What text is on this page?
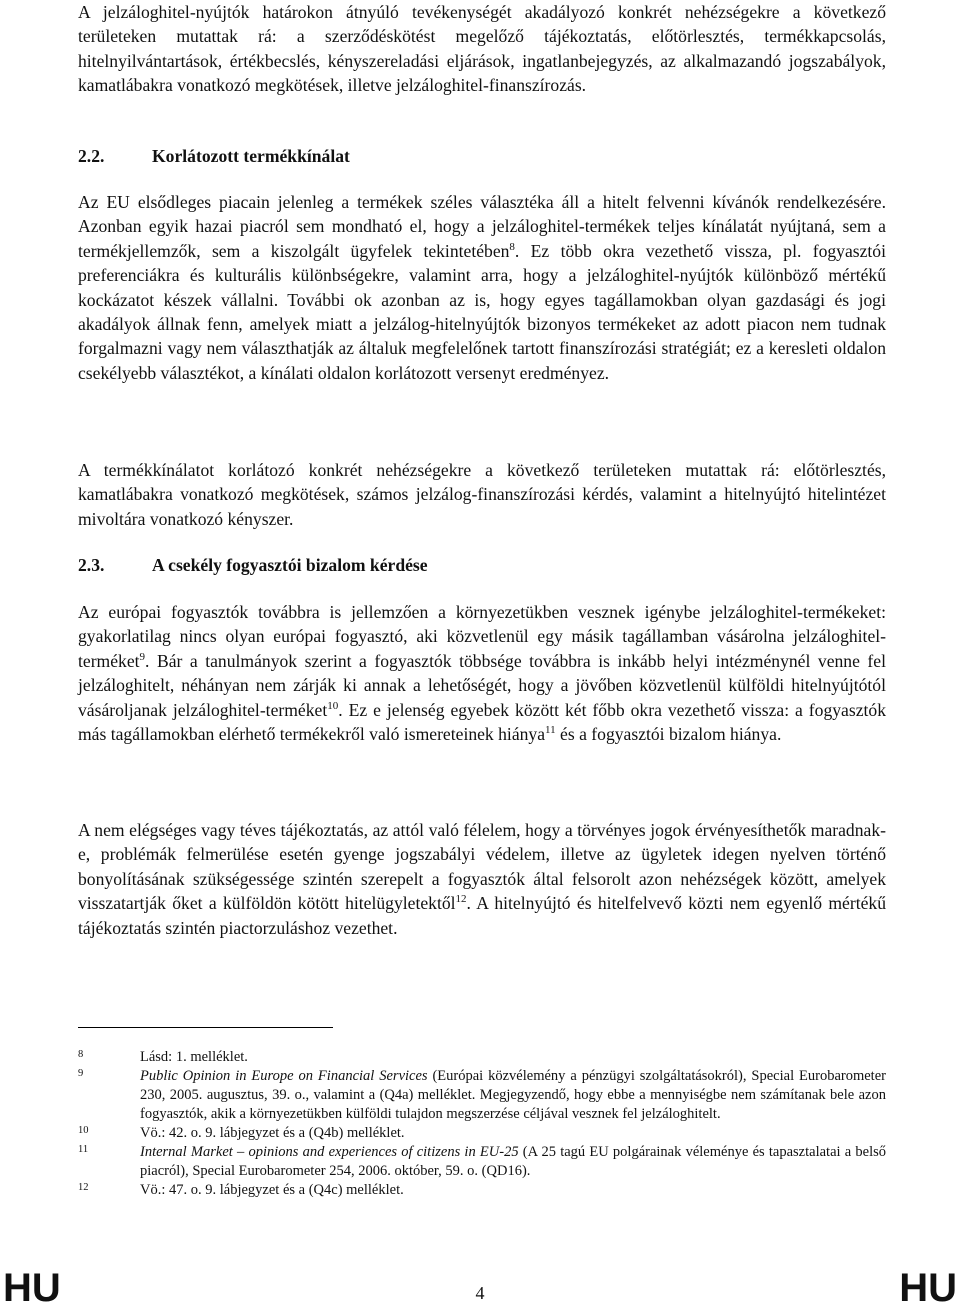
A jelzáloghitel-nyújtók határokon átnyúló tevékenységét akadályozó konkrét nehézségekre a következő területeken mutattak rá: a szerződéskötést megelőző tájékoztatás, előtörlesztés, termékkapcsolás, hitelnyilvántartások, értékbecslés, kényszereladási eljárások, ingatlanbejegyzés, az alkalmazandó jogszabályok, kamatlábakra vonatkozó megkötések, illetve jelzáloghitel-finanszírozás.

2.2.	Korlátozott termékkínálat

Az EU elsődleges piacain jelenleg a termékek széles választéka áll a hitelt felvenni kívánók rendelkezésére. Azonban egyik hazai piacról sem mondható el, hogy a jelzáloghitel-termékek teljes kínálatát nyújtaná, sem a termékjellemzők, sem a kiszolgált ügyfelek tekintetében$^8$. Ez több okra vezethető vissza, pl. fogyasztói preferenciákra és kulturális különbségekre, valamint arra, hogy a jelzáloghitel-nyújtók különböző mértékű kockázatot készek vállalni. További ok azonban az is, hogy egyes tagállamokban olyan gazdasági és jogi akadályok állnak fenn, amelyek miatt a jelzálog-hitelnyújtók bizonyos termékeket az adott piacon nem tudnak forgalmazni vagy nem választhatják az általuk megfelelőnek tartott finanszírozási stratégiát; ez a keresleti oldalon csekélyebb választékot, a kínálati oldalon korlátozott versenyt eredményez.

A termékkínálatot korlátozó konkrét nehézségekre a következő területeken mutattak rá: előtörlesztés, kamatlábakra vonatkozó megkötések, számos jelzálog-finanszírozási kérdés, valamint a hitelnyújtó hitelintézet mivoltára vonatkozó kényszer.

2.3.	A csekély fogyasztói bizalom kérdése

Az európai fogyasztók továbbra is jellemzően a környezetükben vesznek igénybe jelzáloghitel-termékeket: gyakorlatilag nincs olyan európai fogyasztó, aki közvetlenül egy másik tagállamban vásárolna jelzáloghitel-terméket$^9$. Bár a tanulmányok szerint a fogyasztók többsége továbbra is inkább helyi intézménynél venne fel jelzáloghitelt, néhányan nem zárják ki annak a lehetőségét, hogy a jövőben közvetlenül külföldi hitelnyújtótól vásároljanak jelzáloghitel-terméket$^{10}$. Ez e jelenség egyebek között két főbb okra vezethető vissza: a fogyasztók más tagállamokban elérhető termékekről való ismereteinek hiánya$^{11}$ és a fogyasztói bizalom hiánya.

A nem elégséges vagy téves tájékoztatás, az attól való félelem, hogy a törvényes jogok érvényesíthetők maradnak-e, problémák felmerülése esetén gyenge jogszabályi védelem, illetve az ügyletek idegen nyelven történő bonyolításának szükségessége szintén szerepelt a fogyasztók által felsorolt azon nehézségek között, amelyek visszatartják őket a külföldön kötött hitelügyletektől$^{12}$. A hitelnyújtó és hitelfelvevő közti nem egyenlő mértékű tájékoztatás szintén piactorzuláshoz vezethet.

8	Lásd: 1. melléklet.
9	Public Opinion in Europe on Financial Services (Európai közvélemény a pénzügyi szolgáltatásokról), Special Eurobarometer 230, 2005. augusztus, 39. o., valamint a (Q4a) melléklet. Megjegyzendő, hogy ebbe a mennyiségbe nem számítanak bele azon fogyasztók, akik a környezetükben külföldi tulajdon megszerzése céljával vesznek fel jelzáloghitelt.
10	Vö.: 42. o. 9. lábjegyzet és a (Q4b) melléklet.
11	Internal Market – opinions and experiences of citizens in EU-25 (A 25 tagú EU polgárainak véleménye és tapasztalatai a belső piacról), Special Eurobarometer 254, 2006. október, 59. o. (QD16).
12	Vö.: 47. o. 9. lábjegyzet és a (Q4c) melléklet.
HU	4	HU
